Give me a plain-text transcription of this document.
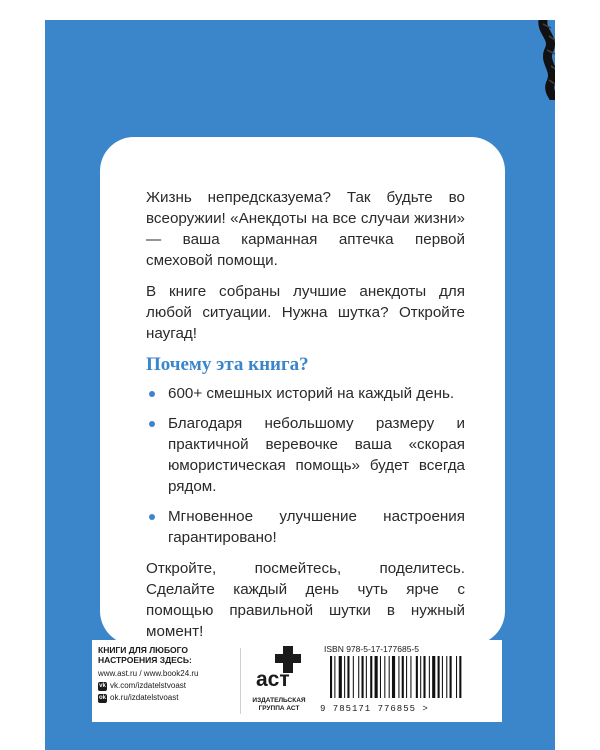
Жизнь непредсказуема? Так будьте во всеоружии! «Анекдоты на все случаи жизни» — ваша карманная аптечка первой смеховой помощи.

В книге собраны лучшие анекдоты для любой ситуации. Нужна шутка? Откройте наугад!

Почему эта книга?
600+ смешных историй на каждый день.
Благодаря небольшому размеру и практичной веревочке ваша «скорая юмористическая помощь» будет всегда рядом.
Мгновенное улучшение настроения гарантировано!

Откройте, посмейтесь, поделитесь. Сделайте каждый день чуть ярче с помощью правильной шутки в нужный момент!

КНИГИ ДЛЯ ЛЮБОГО НАСТРОЕНИЯ ЗДЕСЬ:
www.ast.ru / www.book24.ru
vk vk.com/izdatelstvoast
ok ok.ru/izdatelstvoast
аст
ИЗДАТЕЛЬСКАЯ ГРУППА АСТ
ISBN 978-5-17-177685-5
9 785171 776855 >
